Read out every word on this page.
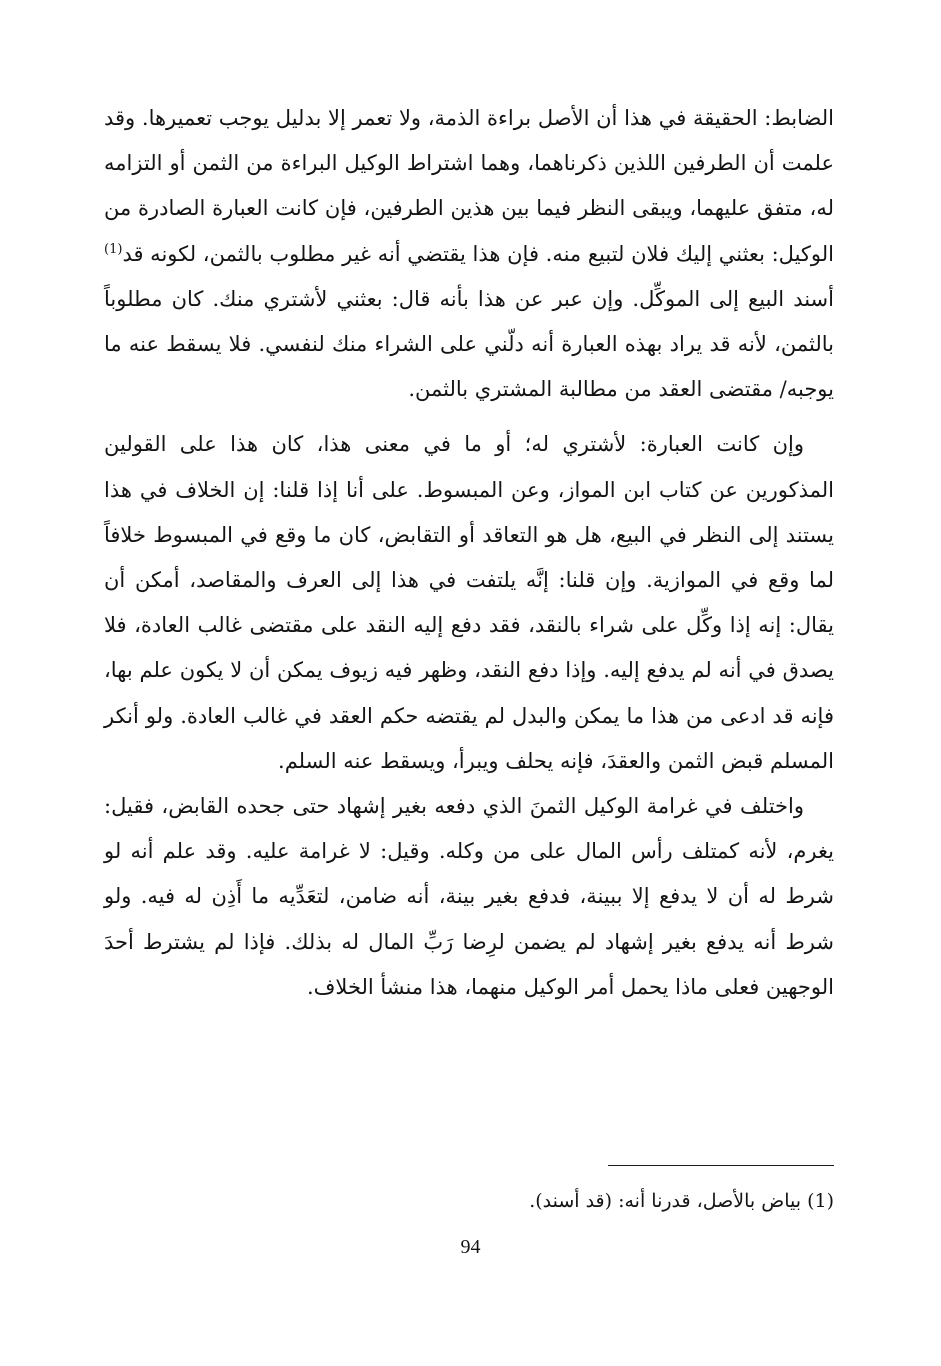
الضابط: الحقيقة في هذا أن الأصل براءة الذمة، ولا تعمر إلا بدليل يوجب تعميرها. وقد علمت أن الطرفين اللذين ذكرناهما، وهما اشتراط الوكيل البراءة من الثمن أو التزامه له، متفق عليهما، ويبقى النظر فيما بين هذين الطرفين، فإن كانت العبارة الصادرة من الوكيل: بعثني إليك فلان لتبيع منه. فإن هذا يقتضي أنه غير مطلوب بالثمن، لكونه قد$^{(1)}$ أسند البيع إلى الموكِّل. وإن عبر عن هذا بأنه قال: بعثني لأشتري منك. كان مطلوباً بالثمن، لأنه قد يراد بهذه العبارة أنه دلّني على الشراء منك لنفسي. فلا يسقط عنه ما يوجبه/ مقتضى العقد من مطالبة المشتري بالثمن.

وإن كانت العبارة: لأشتري له؛ أو ما في معنى هذا، كان هذا على القولين المذكورين عن كتاب ابن المواز، وعن المبسوط. على أنا إذا قلنا: إن الخلاف في هذا يستند إلى النظر في البيع، هل هو التعاقد أو التقابض، كان ما وقع في المبسوط خلافاً لما وقع في الموازية. وإن قلنا: إنَّه يلتفت في هذا إلى العرف والمقاصد، أمكن أن يقال: إنه إذا وكِّل على شراء بالنقد، فقد دفع إليه النقد على مقتضى غالب العادة، فلا يصدق في أنه لم يدفع إليه. وإذا دفع النقد، وظهر فيه زيوف يمكن أن لا يكون علم بها، فإنه قد ادعى من هذا ما يمكن والبدل لم يقتضه حكم العقد في غالب العادة. ولو أنكر المسلم قبض الثمن والعقدَ، فإنه يحلف ويبرأ، ويسقط عنه السلم.

واختلف في غرامة الوكيل الثمنَ الذي دفعه بغير إشهاد حتى جحده القابض، فقيل: يغرم، لأنه كمتلف رأس المال على من وكله. وقيل: لا غرامة عليه. وقد علم أنه لو شرط له أن لا يدفع إلا ببينة، فدفع بغير بينة، أنه ضامن، لتعَدِّيه ما أَذِن له فيه. ولو شرط أنه يدفع بغير إشهاد لم يضمن لرِضا رَبِّ المال له بذلك. فإذا لم يشترط أحدَ الوجهين فعلى ماذا يحمل أمر الوكيل منهما، هذا منشأ الخلاف.

(1) بياض بالأصل، قدرنا أنه: (قد أسند).
94
